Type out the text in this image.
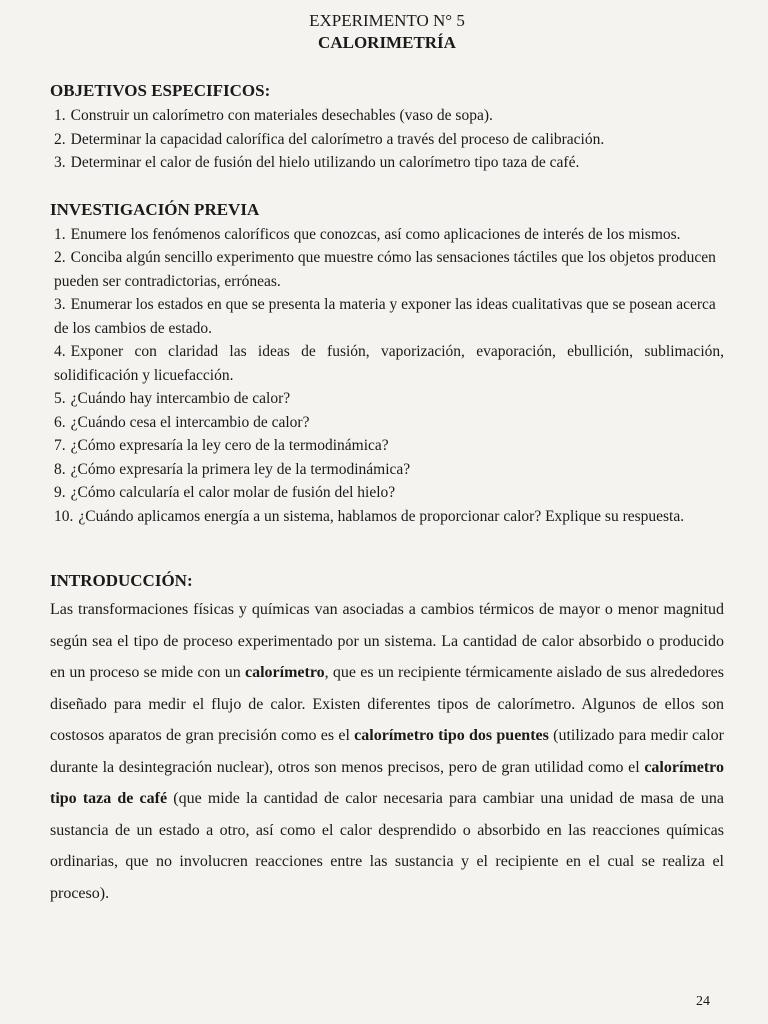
EXPERIMENTO N° 5
CALORIMETRÍA
OBJETIVOS ESPECIFICOS:
1. Construir un calorímetro con materiales desechables (vaso de sopa).
2. Determinar la capacidad calorífica del calorímetro a través del proceso de calibración.
3. Determinar el calor de fusión del hielo utilizando un calorímetro tipo taza de café.
INVESTIGACIÓN PREVIA
1. Enumere los fenómenos caloríficos que conozcas, así como aplicaciones de interés de los mismos.
2. Conciba algún sencillo experimento que muestre cómo las sensaciones táctiles que los objetos producen pueden ser contradictorias, erróneas.
3. Enumerar los estados en que se presenta la materia y exponer las ideas cualitativas que se posean acerca de los cambios de estado.
4. Exponer con claridad las ideas de fusión, vaporización, evaporación, ebullición, sublimación, solidificación y licuefacción.
5. ¿Cuándo hay intercambio de calor?
6. ¿Cuándo cesa el intercambio de calor?
7. ¿Cómo expresaría la ley cero de la termodinámica?
8. ¿Cómo expresaría la primera ley de la termodinámica?
9. ¿Cómo calcularía el calor molar de fusión del hielo?
10. ¿Cuándo aplicamos energía a un sistema, hablamos de proporcionar calor? Explique su respuesta.
INTRODUCCIÓN:

Las transformaciones físicas y químicas van asociadas a cambios térmicos de mayor o menor magnitud según sea el tipo de proceso experimentado por un sistema. La cantidad de calor absorbido o producido en un proceso se mide con un calorímetro, que es un recipiente térmicamente aislado de sus alrededores diseñado para medir el flujo de calor. Existen diferentes tipos de calorímetro. Algunos de ellos son costosos aparatos de gran precisión como es el calorímetro tipo dos puentes (utilizado para medir calor durante la desintegración nuclear), otros son menos precisos, pero de gran utilidad como el calorímetro tipo taza de café (que mide la cantidad de calor necesaria para cambiar una unidad de masa de una sustancia de un estado a otro, así como el calor desprendido o absorbido en las reacciones químicas ordinarias, que no involucren reacciones entre las sustancia y el recipiente en el cual se realiza el proceso).

24
